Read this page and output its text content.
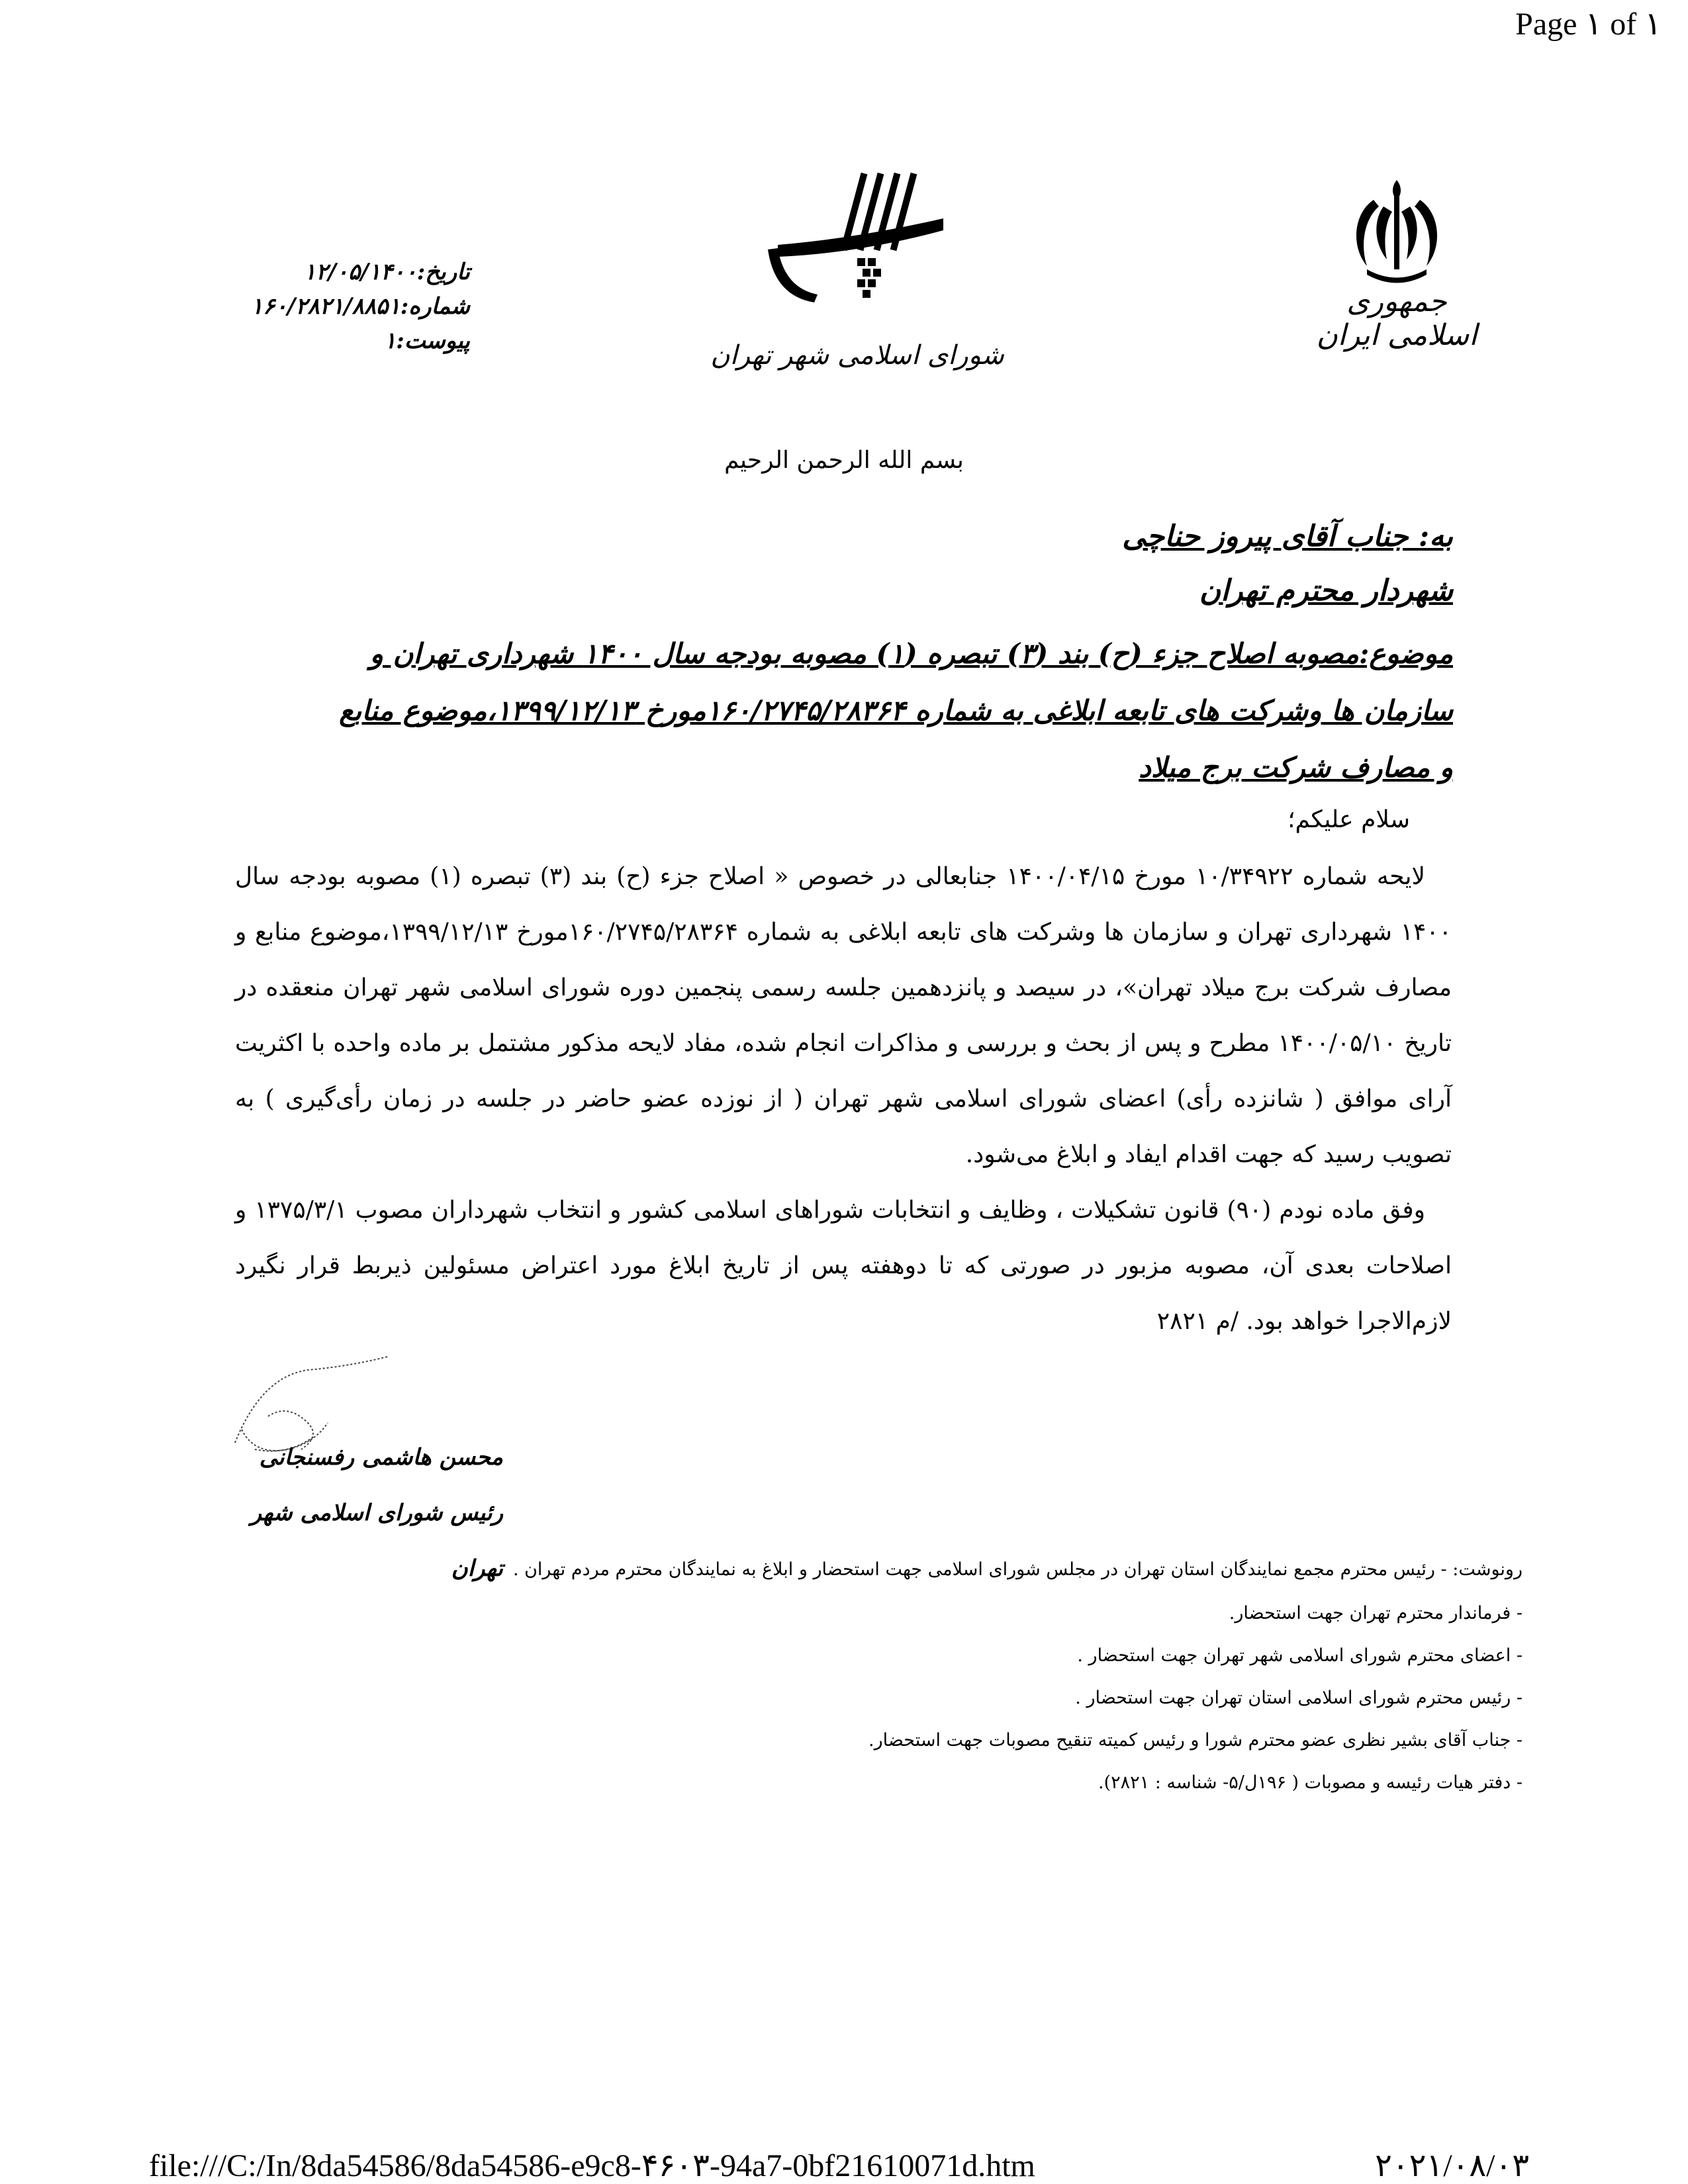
Page ۱ of ۱
جمهوری اسلامی ایران
شورای اسلامی شهر تهران
تاریخ:۱۲/۰۵/۱۴۰۰
شماره:۱۶۰/۲۸۲۱/۸۸۵۱
پیوست:۱
بسم الله الرحمن الرحیم
به: جناب آقای پیروز حناچی
شهردار محترم تهران
موضوع:مصوبه اصلاح جزء (ح) بند (۳) تبصره (۱) مصوبه بودجه سال ۱۴۰۰ شهرداری تهران و سازمان ها وشرکت های تابعه ابلاغی به شماره ۱۶۰/۲۷۴۵/۲۸۳۶۴مورخ ۱۳۹۹/۱۲/۱۳،موضوع منابع و مصارف شرکت برج میلاد
سلام علیکم؛

لایحه شماره ۱۰/۳۴۹۲۲ مورخ ۱۴۰۰/۰۴/۱۵ جنابعالی در خصوص « اصلاح جزء (ح) بند (۳) تبصره (۱) مصوبه بودجه سال ۱۴۰۰ شهرداری تهران و سازمان ها وشرکت های تابعه ابلاغی به شماره ۱۶۰/۲۷۴۵/۲۸۳۶۴مورخ ۱۳۹۹/۱۲/۱۳،موضوع منابع و مصارف شرکت برج میلاد تهران»، در سیصد و پانزدهمین جلسه رسمی پنجمین دوره شورای اسلامی شهر تهران منعقده در تاریخ ۱۴۰۰/۰۵/۱۰ مطرح و پس از بحث و بررسی و مذاکرات انجام شده، مفاد لایحه مذکور مشتمل بر ماده واحده با اکثریت آرای موافق ( شانزده رأی) اعضای شورای اسلامی شهر تهران ( از نوزده عضو حاضر در جلسه در زمان رأی‌گیری ) به تصویب رسید که جهت اقدام ایفاد و ابلاغ می‌شود.

وفق ماده نودم (۹۰) قانون تشکیلات ، وظایف و انتخابات شوراهای اسلامی کشور و انتخاب شهرداران مصوب ۱۳۷۵/۳/۱ و اصلاحات بعدی آن، مصوبه مزبور در صورتی که تا دوهفته پس از تاریخ ابلاغ مورد اعتراض مسئولین ذیربط قرار نگیرد لازم‌الاجرا خواهد بود. /م ۲۸۲۱

محسن هاشمی رفسنجانی
رئیس شورای اسلامی شهر تهران رونوشت: - رئیس محترم مجمع نمایندگان استان تهران در مجلس شورای اسلامی جهت استحضار و ابلاغ به نمایندگان محترم مردم تهران .
- فرماندار محترم تهران جهت استحضار.
- اعضای محترم شورای اسلامی شهر تهران جهت استحضار .
- رئیس محترم شورای اسلامی استان تهران جهت استحضار .
- جناب آقای بشیر نظری عضو محترم شورا و رئیس کمیته تنقیح مصوبات جهت استحضار.
- دفتر هیات رئیسه و مصوبات ( ۱۹۶ل/۵- شناسه : ۲۸۲۱).
file:///C:/In/8da54586/8da54586-e9c8-۴۶۰۳-94a7-0bf21610071d.htm	۲۰۲۱/۰۸/۰۳
